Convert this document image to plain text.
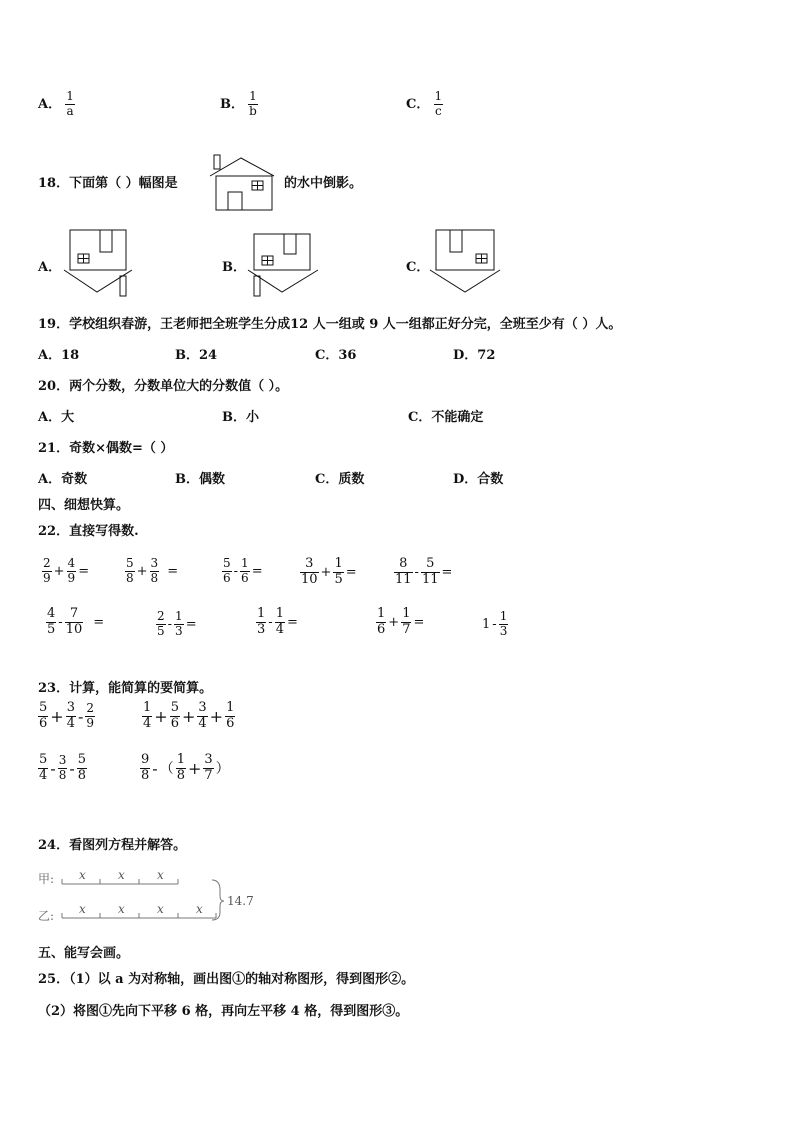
A． $\frac{1}{a}$	B． $\frac{1}{b}$	C． $\frac{1}{c}$
18．下面第（ ）幅图是	的水中倒影。
A．	B．	C．
19．学校组织春游，王老师把全班学生分成12 人一组或 9 人一组都正好分完，全班至少有（ ）人。
A．18	B．24	C．36	D．72
20．两个分数，分数单位大的分数值（ ）。
A．大	B．小	C．不能确定
21．奇数×偶数=（ ）
A．奇数	B．偶数	C．质数	D．合数
四、细想快算。
22．直接写得数.
$\frac{2}{9} + \frac{4}{9}$ =	$\frac{5}{8} + \frac{3}{8}$ =	$\frac{5}{6} - \frac{1}{6}$ =	$\frac{3}{10} + \frac{1}{5}$ =	$\frac{8}{11} - \frac{5}{11}$ =
$\frac{4}{5} - \frac{7}{10}$ =	$\frac{2}{5} - \frac{1}{3}$ =	$\frac{1}{3} - \frac{1}{4}$ =	$\frac{1}{6} + \frac{1}{7}$ =	$1 - \frac{1}{3}$
23．计算，能简算的要简算。
$\frac{5}{6} + \frac{3}{4} - \frac{2}{9}$	$\frac{1}{4} + \frac{5}{6} + \frac{3}{4} + \frac{1}{6}$
$\frac{5}{4} - \frac{3}{8} - \frac{5}{8}$	$\frac{9}{8}$ - （ $\frac{1}{8} + \frac{3}{7}$ ）
24．看图列方程并解答。
甲:
乙:
x	x	x
x	x	x	x
14.7
五、能写会画。
25．（1）以 a 为对称轴，画出图①的轴对称图形，得到图形②。
（2）将图①先向下平移 6 格，再向左平移 4 格，得到图形③。
